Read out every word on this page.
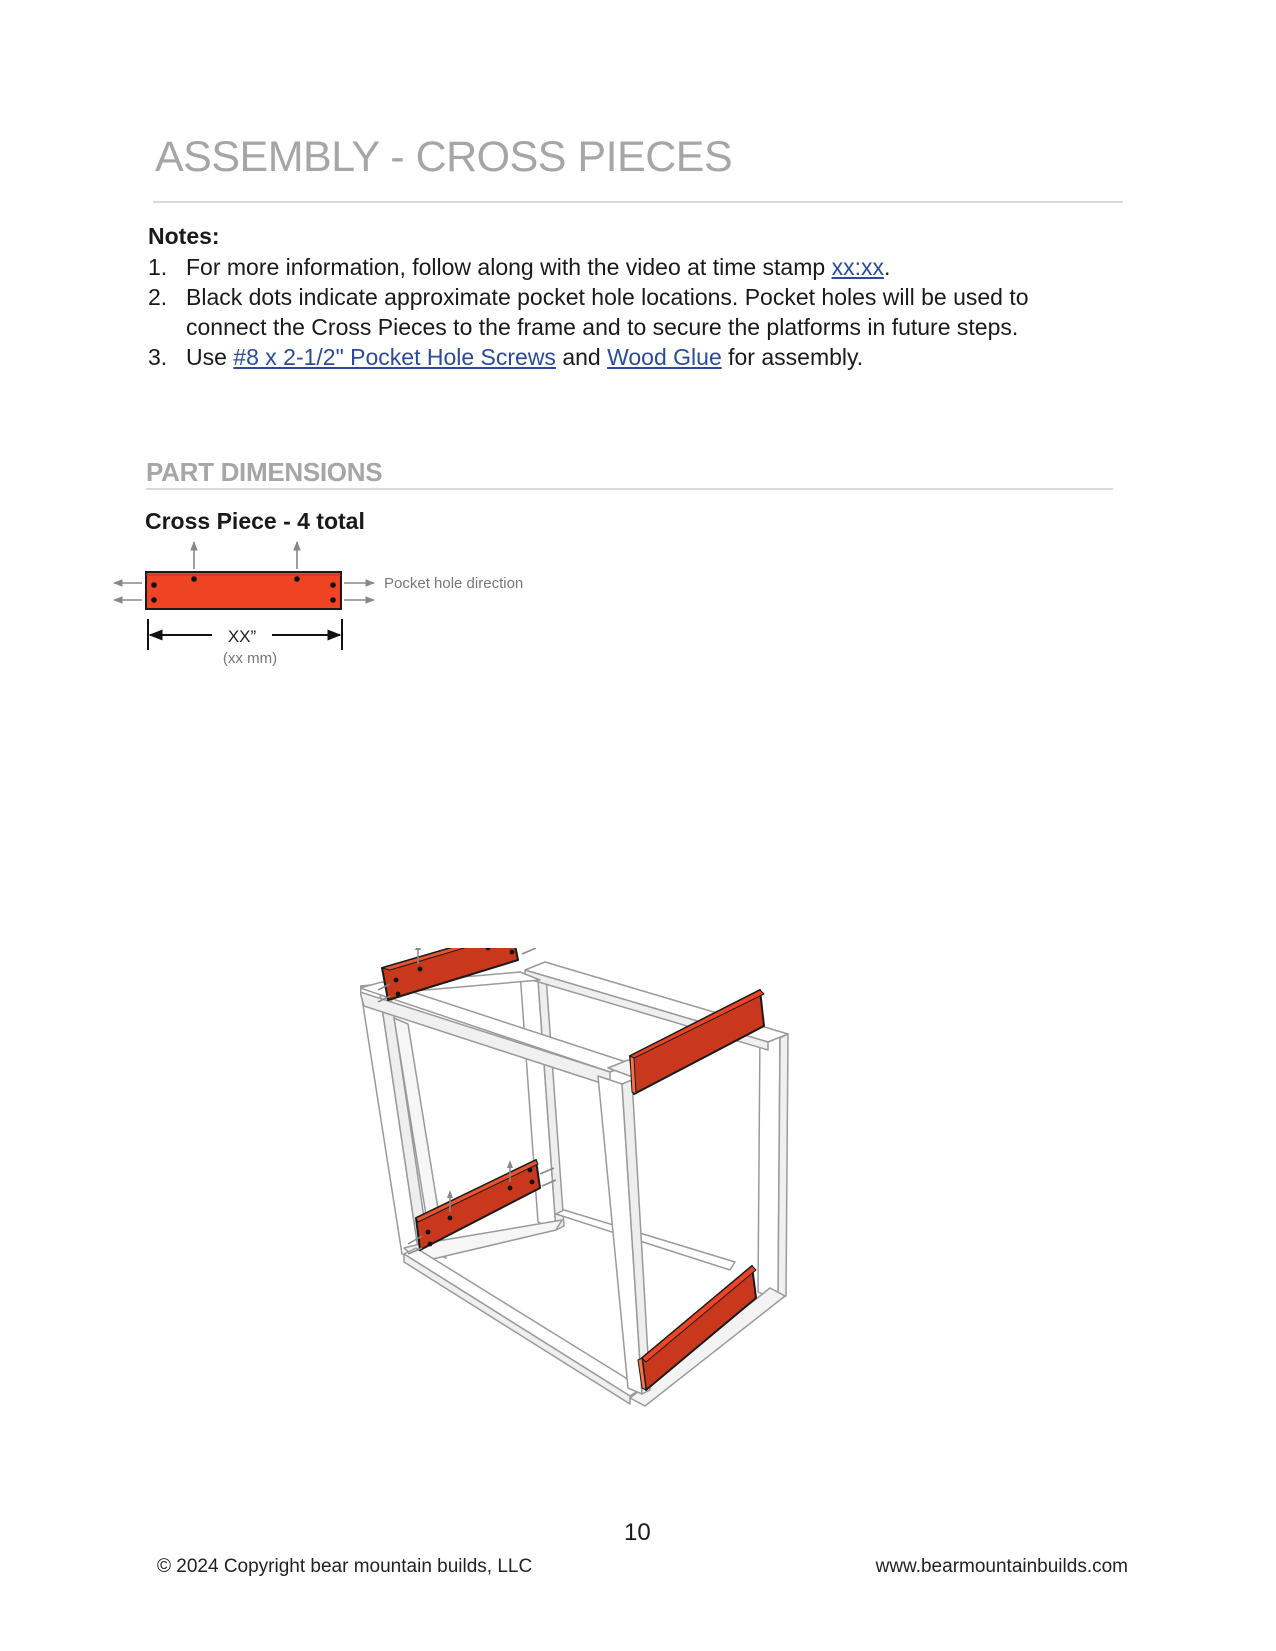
ASSEMBLY - CROSS PIECES
Notes:
1. For more information, follow along with the video at time stamp xx:xx.
2. Black dots indicate approximate pocket hole locations. Pocket holes will be used to connect the Cross Pieces to the frame and to secure the platforms in future steps.
3. Use #8 x 2-1/2" Pocket Hole Screws and Wood Glue for assembly.
PART DIMENSIONS
Cross Piece - 4 total
XX”
(xx mm)
Pocket hole direction
10
© 2024 Copyright bear mountain builds, LLC	www.bearmountainbuilds.com
